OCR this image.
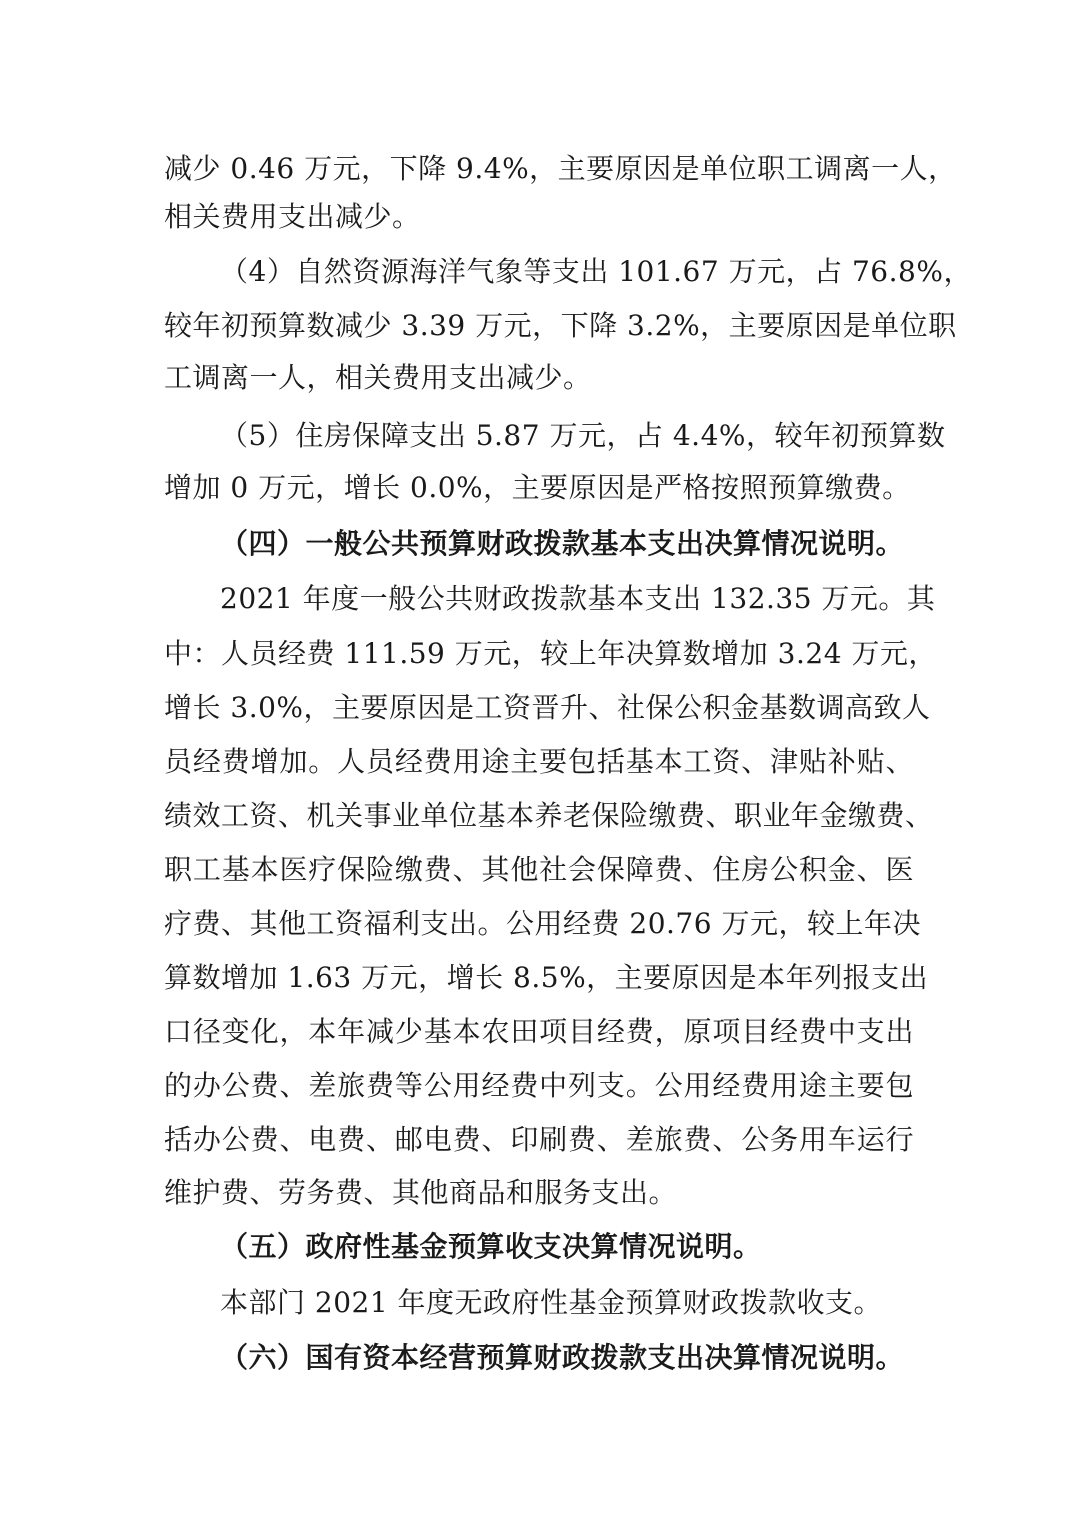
减少 0.46 万元，下降 9.4%，主要原因是单位职工调离一人，
相关费用支出减少。
（4）自然资源海洋气象等支出 101.67 万元，占 76.8%，
较年初预算数减少 3.39 万元，下降 3.2%，主要原因是单位职
工调离一人，相关费用支出减少。
（5）住房保障支出 5.87 万元，占 4.4%，较年初预算数
增加 0 万元，增长 0.0%，主要原因是严格按照预算缴费。
（四）一般公共预算财政拨款基本支出决算情况说明。
2021 年度一般公共财政拨款基本支出 132.35 万元。其
中：人员经费 111.59 万元，较上年决算数增加 3.24 万元，
增长 3.0%，主要原因是工资晋升、社保公积金基数调高致人
员经费增加。人员经费用途主要包括基本工资、津贴补贴、
绩效工资、机关事业单位基本养老保险缴费、职业年金缴费、
职工基本医疗保险缴费、其他社会保障费、住房公积金、医
疗费、其他工资福利支出。公用经费 20.76 万元，较上年决
算数增加 1.63 万元，增长 8.5%，主要原因是本年列报支出
口径变化，本年减少基本农田项目经费，原项目经费中支出
的办公费、差旅费等公用经费中列支。公用经费用途主要包
括办公费、电费、邮电费、印刷费、差旅费、公务用车运行
维护费、劳务费、其他商品和服务支出。
（五）政府性基金预算收支决算情况说明。
本部门 2021 年度无政府性基金预算财政拨款收支。
（六）国有资本经营预算财政拨款支出决算情况说明。
